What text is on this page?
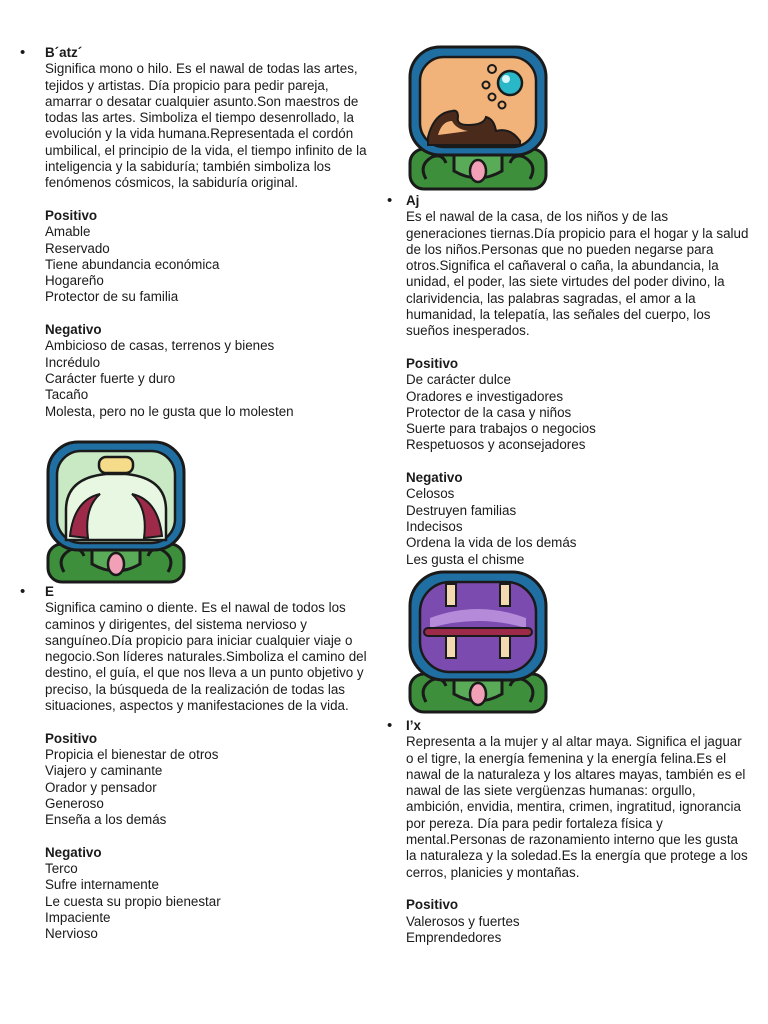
• B´atz´
Significa mono o hilo. Es el nawal de todas las artes, tejidos y artistas. Día propicio para pedir pareja, amarrar o desatar cualquier asunto.Son maestros de todas las artes. Simboliza el tiempo desenrollado, la evolución y la vida humana.Representada el cordón umbilical, el principio de la vida, el tiempo infinito de la inteligencia y la sabiduría; también simboliza los fenómenos cósmicos, la sabiduría original.
Positivo
Amable
Reservado
Tiene abundancia económica
Hogareño
Protector de su familia
Negativo
Ambicioso de casas, terrenos y bienes
Incrédulo
Carácter fuerte y duro
Tacaño
Molesta, pero no le gusta que lo molesten
• E
Significa camino o diente. Es el nawal de todos los caminos y dirigentes, del sistema nervioso y sanguíneo.Día propicio para iniciar cualquier viaje o negocio.Son líderes naturales.Simboliza el camino del destino, el guía, el que nos lleva a un punto objetivo y preciso, la búsqueda de la realización de todas las situaciones, aspectos y manifestaciones de la vida.
Positivo
Propicia el bienestar de otros
Viajero y caminante
Orador y pensador
Generoso
Enseña a los demás
Negativo
Terco
Sufre internamente
Le cuesta su propio bienestar
Impaciente
Nervioso
• Aj
Es el nawal de la casa, de los niños y de las generaciones tiernas.Día propicio para el hogar y la salud de los niños.Personas que no pueden negarse para otros.Significa el cañaveral o caña, la abundancia, la unidad, el poder, las siete virtudes del poder divino, la clarividencia, las palabras sagradas, el amor a la humanidad, la telepatía, las señales del cuerpo, los sueños inesperados.
Positivo
De carácter dulce
Oradores e investigadores
Protector de la casa y niños
Suerte para trabajos o negocios
Respetuosos y aconsejadores
Negativo
Celosos
Destruyen familias
Indecisos
Ordena la vida de los demás
Les gusta el chisme
• I’x
Representa a la mujer y al altar maya. Significa el jaguar o el tigre, la energía femenina y la energía felina.Es el nawal de la naturaleza y los altares mayas, también es el nawal de las siete vergüenzas humanas: orgullo, ambición, envidia, mentira, crimen, ingratitud, ignorancia por pereza. Día para pedir fortaleza física y mental.Personas de razonamiento interno que les gusta la naturaleza y la soledad.Es la energía que protege a los cerros, planicies y montañas.
Positivo
Valerosos y fuertes
Emprendedores
